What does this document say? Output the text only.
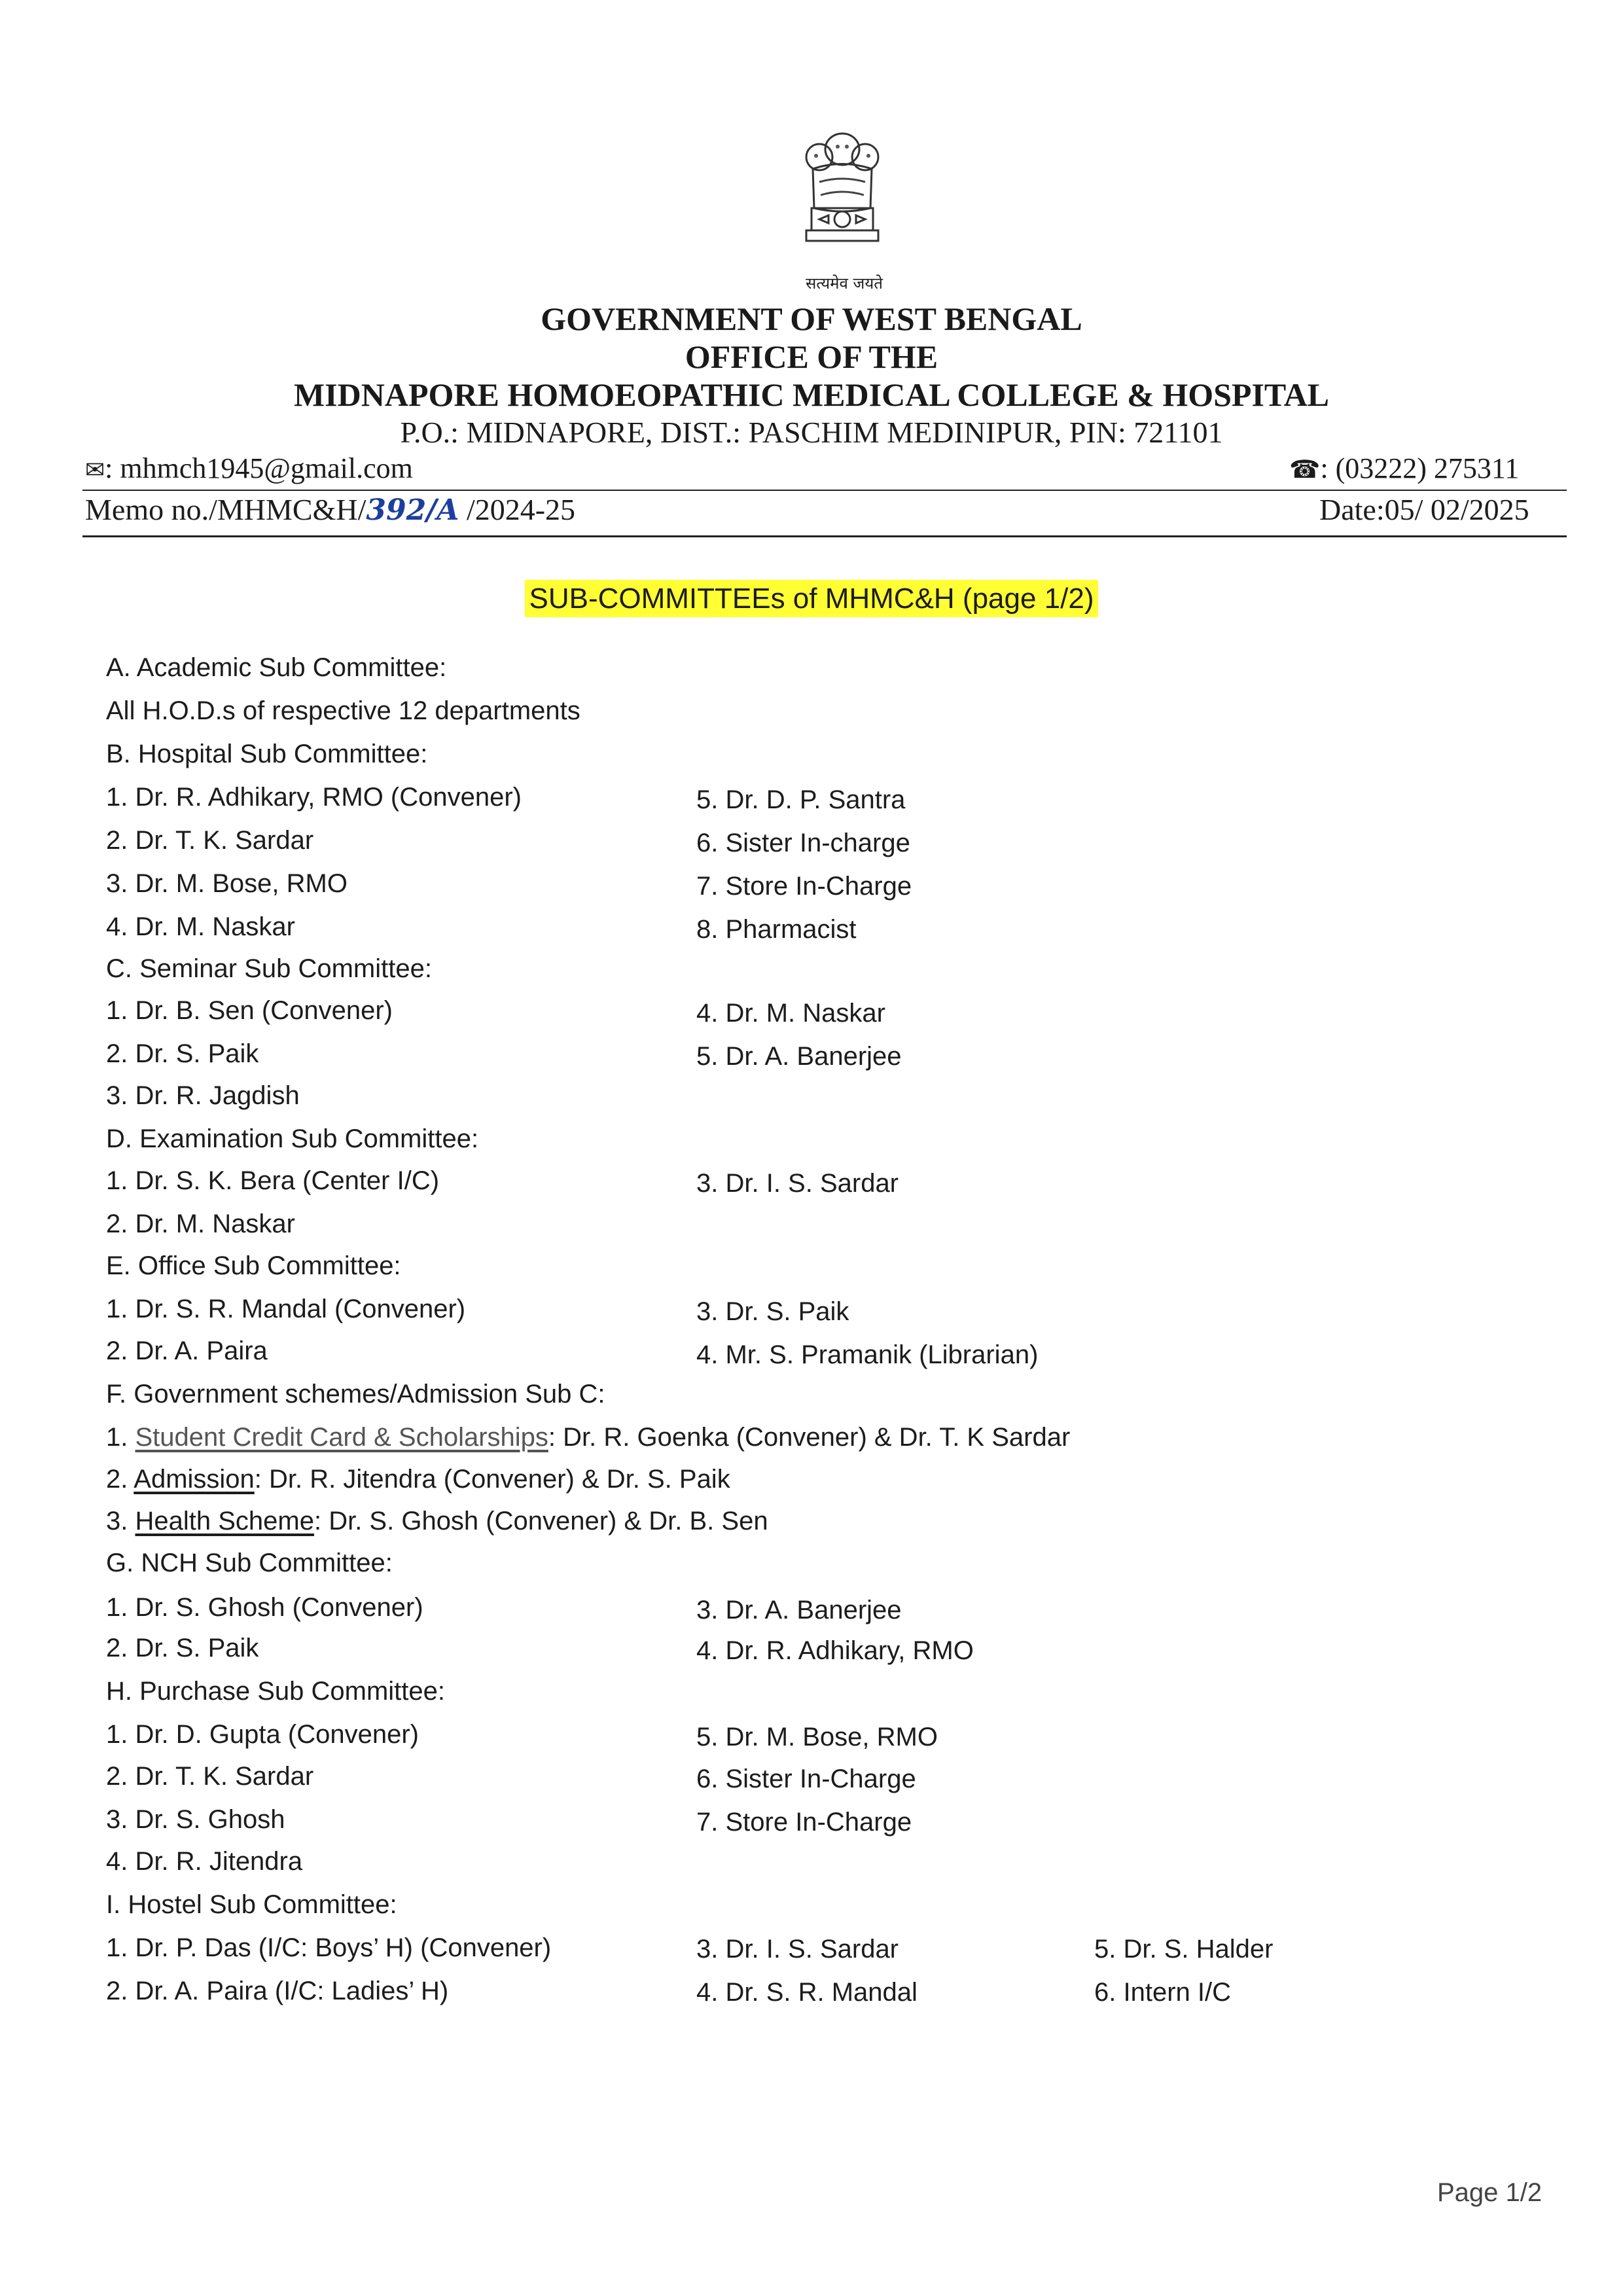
सत्यमेव जयते
GOVERNMENT OF WEST BENGAL
OFFICE OF THE
MIDNAPORE HOMOEOPATHIC MEDICAL COLLEGE & HOSPITAL
P.O.: MIDNAPORE, DIST.: PASCHIM MEDINIPUR, PIN: 721101
✉: mhmch1945@gmail.com	☎: (03222) 275311
Memo no./MHMC&H/392/A /2024-25	Date:05/ 02/2025
SUB-COMMITTEEs of MHMC&H (page 1/2)
A. Academic Sub Committee:
All H.O.D.s of respective 12 departments
B. Hospital Sub Committee:
1. Dr. R. Adhikary, RMO (Convener)
2. Dr. T. K. Sardar
3. Dr. M. Bose, RMO
4. Dr. M. Naskar
5. Dr. D. P. Santra
6. Sister In-charge
7. Store In-Charge
8. Pharmacist
C. Seminar Sub Committee:
1. Dr. B. Sen (Convener)
2. Dr. S. Paik
3. Dr. R. Jagdish
4. Dr. M. Naskar
5. Dr. A. Banerjee
D. Examination Sub Committee:
1. Dr. S. K. Bera (Center I/C)
2. Dr. M. Naskar
3. Dr. I. S. Sardar
E. Office Sub Committee:
1. Dr. S. R. Mandal (Convener)
2. Dr. A. Paira
3. Dr. S. Paik
4. Mr. S. Pramanik (Librarian)
F. Government schemes/Admission Sub C:
1. Student Credit Card & Scholarships: Dr. R. Goenka (Convener) & Dr. T. K Sardar
2. Admission: Dr. R. Jitendra (Convener) & Dr. S. Paik
3. Health Scheme: Dr. S. Ghosh (Convener) & Dr. B. Sen
G. NCH Sub Committee:
1. Dr. S. Ghosh (Convener)
2. Dr. S. Paik
3. Dr. A. Banerjee
4. Dr. R. Adhikary, RMO
H. Purchase Sub Committee:
1. Dr. D. Gupta (Convener)
2. Dr. T. K. Sardar
3. Dr. S. Ghosh
4. Dr. R. Jitendra
5. Dr. M. Bose, RMO
6. Sister In-Charge
7. Store In-Charge
I. Hostel Sub Committee:
1. Dr. P. Das (I/C: Boys’ H) (Convener)
2. Dr. A. Paira (I/C: Ladies’ H)
3. Dr. I. S. Sardar
4. Dr. S. R. Mandal
5. Dr. S. Halder
6. Intern I/C
Page 1/2
